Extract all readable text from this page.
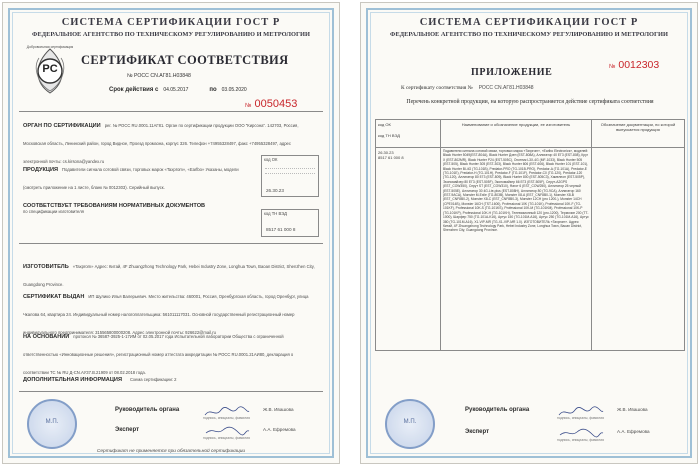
СИСТЕМА СЕРТИФИКАЦИИ ГОСТ Р
ФЕДЕРАЛЬНОЕ АГЕНТСТВО ПО ТЕХНИЧЕСКОМУ РЕГУЛИРОВАНИЮ И МЕТРОЛОГИИ
PC
Добровольная сертификация
СЕРТИФИКАТ СООТВЕТСТВИЯ
№ РОСС CN.АГ81.Н03848
Срок действия с 04.05.2017	по 03.05.2020
№ 0050453
ОРГАН ПО СЕРТИФИКАЦИИ рег. № РОСС RU.0001.11АГ81. Орган по сертификации продукции ООО "Кирсона". 142703, Россия, Московская область, Ленинский район, город Видное, Проезд промзона, корпус 326. Телефон +74955328497, факс +74955328497, адрес электронной почты: cs.kirsona@yandex.ru
ПРОДУКЦИЯ Подавители сигнала сотовой связи, торговых марок «Taxprom», «Earlbo» Указаны, модели (смотреть приложение на 1 листе, бланк № 0012303). Серийный выпуск.
код ОК
26.30.23
СООТВЕТСТВУЕТ ТРЕБОВАНИЯМ НОРМАТИВНЫХ ДОКУМЕНТОВ
по спецификации изготовителя	код ТН ВЭД
8517 61 000 8
ИЗГОТОВИТЕЛЬ «Taxprom» Адрес: Китай, 4F Zhuangzhong Technology Park, Hebei Industry Zone, Longhua Town, Baoan District, Shenzhen City, Guangdong Province.
СЕРТИФИКАТ ВЫДАН ИП Шулико Илья Валерьевич. Место жительства: 460001, Россия, Оренбургская область, город Оренбург, улица Чкалова 64, квартира 24. Индивидуальный номер налогоплательщика: 561011117031. Основной государственный регистрационный номер индивидуального предпринимателя: 315565800000208. Адрес электронной почты: 926622@mail.ru
НА ОСНОВАНИИ протокол № 36587-3925-1-17ИМ от 02.05.2017 года Испытательной лаборатории Общества с ограниченной ответственностью «Инновационные решения», регистрационный номер аттестата аккредитации № РОСС RU.0001.21АИ80, декларация о соответствии ТС № RU Д-CN.АУ37.В.21909 от 08.02.2018 года.
ДОПОЛНИТЕЛЬНАЯ ИНФОРМАЦИЯ Схема сертификации: 2
М.П.
Руководитель органа	Ж.В. Ивашова
подпись, инициалы, фамилия
Эксперт	А.А. Ефремова
подпись, инициалы, фамилия
Сертификат не применяется при обязательной сертификации
СИСТЕМА СЕРТИФИКАЦИИ ГОСТ Р
ФЕДЕРАЛЬНОЕ АГЕНТСТВО ПО ТЕХНИЧЕСКОМУ РЕГУЛИРОВАНИЮ И МЕТРОЛОГИИ
ПРИЛОЖЕНИЕ	№ 0012303
К сертификату соответствия № РОСС CN.АГ81.Н03848
Перечень конкретной продукции, на которую распространяется действие сертификата соответствия
код ОК
код ТН ВЭД	Наименование и обозначение продукции, ее изготовитель	Обозначение документации, по которой выпускается продукция

26.30.23
8517 61 000 8	Подавители сигнала сотовой связи, торговых марок «Taxprom», «Earlbo Electronics», моделей: Black Hunter 5049(EST-804A), Black Hunter Дзен (EST-808A), Аллигатор 40 ЕГ3 (EST-808), Круг X (EST-802MR), Black Hunter P24 (EST-505C), Охотник L3X-4G (MF-1033), Black Hunter 505 (EST-505), Black Hunter 305 (EST-303), Black Hunter 606 (EST-606), Black Hunter 101 (EST-101), Black Hunter Bl-4G (TG-101B), Predator-PRO (TG-101B-PRO), Predator-A (TG-101A), Predator-Е (TG-101E), Predator-H (TG-101H), Predator-F (TG-101F), Predator-С0 (TG-120), Predator-120 (TG-120), Аллигатор 80 ЕГ3 (EST-809), Black Hunter 800 (EST-505C3), Хамелеон (EST-505P), Экономайзер 80 ЕГ3 (EST-505F), Экономайзер 66 ЕГ3 (EST-505F), Спрут-А2GPS (EST_COW350), Спрут ST (EST_COW310), Фагот 6 (EST_COW250), Аллигатор 25 черный (EST-505Е), Аллигатор 30 4G-Lte-plus (EST-808H), Аллигатор 80 (TG-9CA), Аллигатор 160 (EST-9ACA), Monster M-Exile (TG-803B), Monster X8-A (EST_CNF8B0-1), Monster X8-B (EST_CNF8B0-2), Monster X8-C (EST_CNF8B0-3), Monster 12CH (pro 1200-), Monster 14CH (CPE014B), Monster 16CH (TST-1600), Professional 10K (TG-101K), Professional 10K-F (TG-101KF), Professional 10K-S (TG-101KS), Professional 10K-M (TG-101KM), Professional 10K-P (TG-101KP), Professional 10K-H (TG-101KH), Телевизионный 120 (pro-1200), Термочип 200 (TT-1000), Шарфер 750 (TG-101A-K16), Артус 150 (TG-101M-A16), Артус 250 (TG-101M-A16), Артус 380 (TG-101M-A16), X1-VIP-MR (TG-X1-VIP-MR 1.0). ИЗГОТОВИТЕЛЬ «Taxprom». Адрес: Китай, 4F Zhuangzhong Technology Park, Hebei Industry Zone, Longhua Town, Baoan District, Shenzhen City, Guangdong Province.	
М.П.
Руководитель органа	Ж.В. Ивашова
подпись, инициалы, фамилия
Эксперт	А.А. Ефремова
подпись, инициалы, фамилия
